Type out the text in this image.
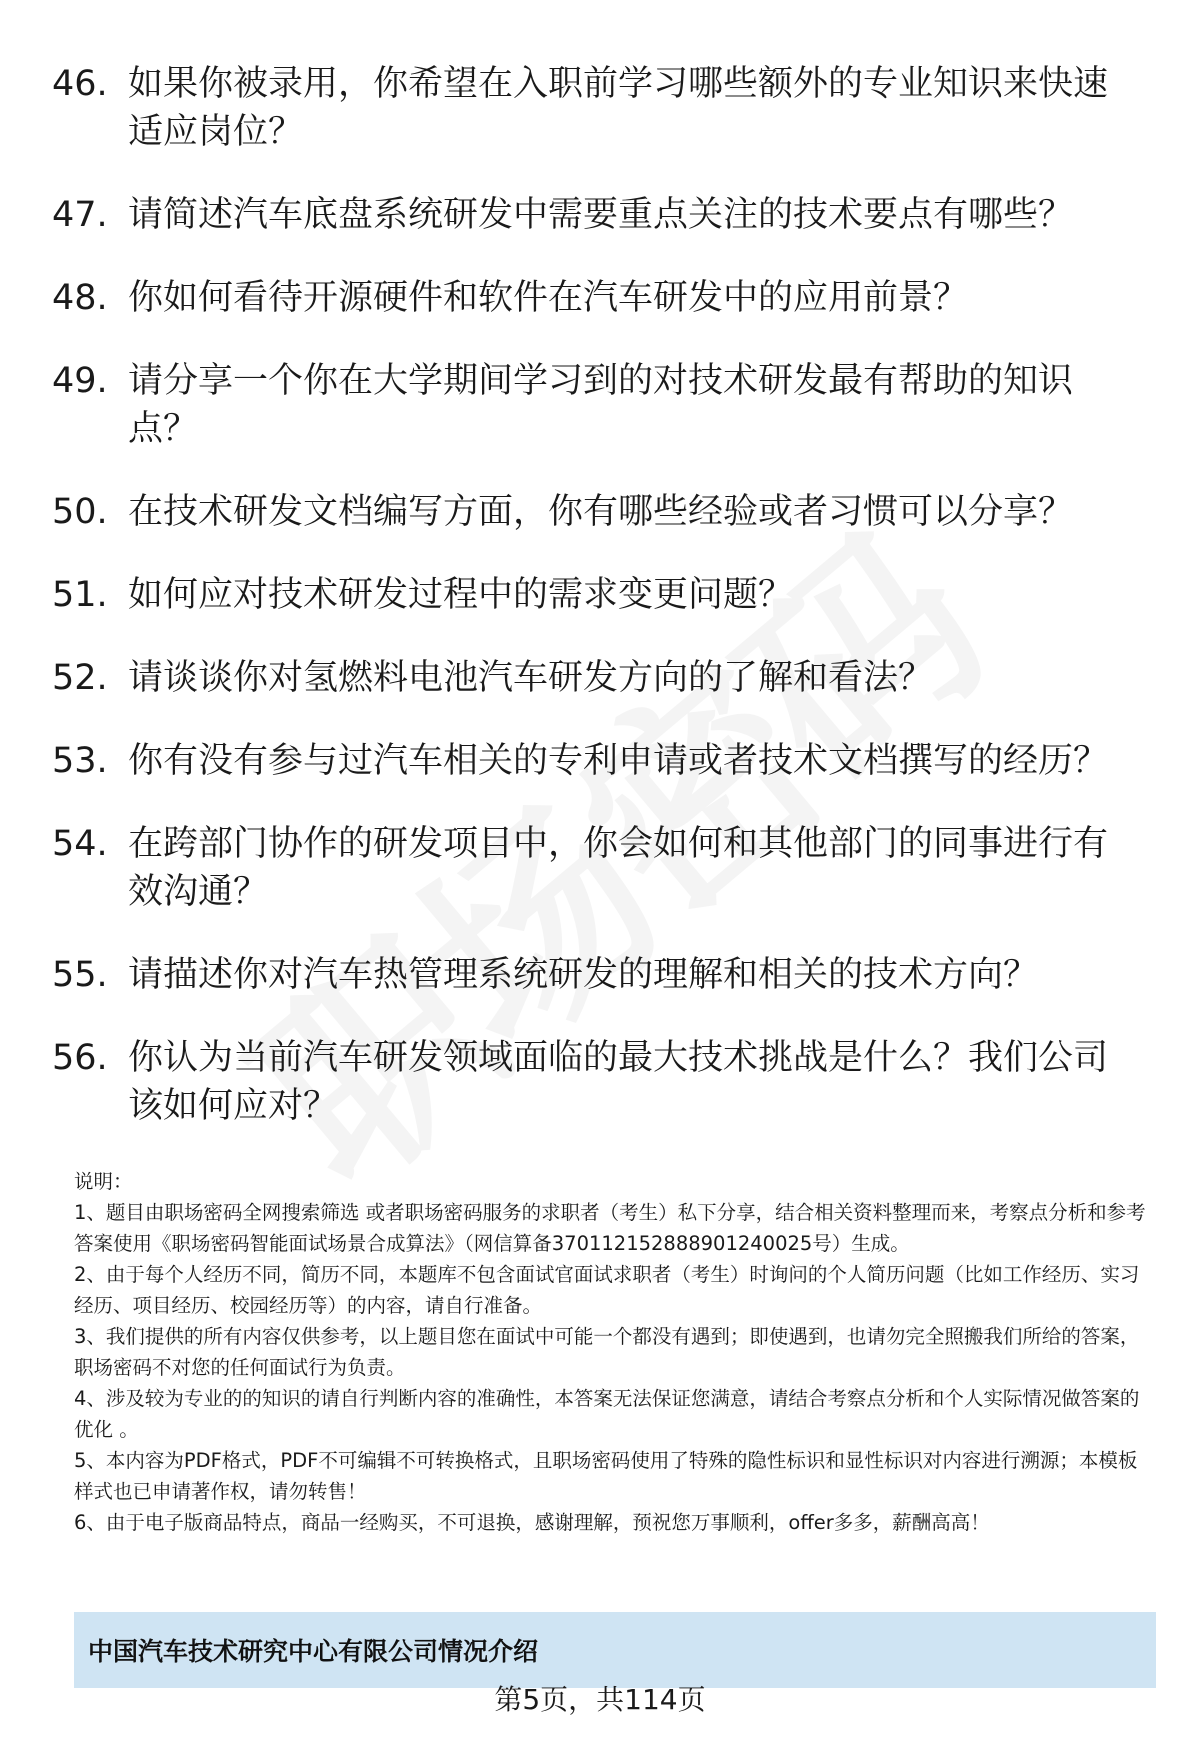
46. 如果你被录用，你希望在入职前学习哪些额外的专业知识来快速适应岗位？
47. 请简述汽车底盘系统研发中需要重点关注的技术要点有哪些？
48. 你如何看待开源硬件和软件在汽车研发中的应用前景？
49. 请分享一个你在大学期间学习到的对技术研发最有帮助的知识点？
50. 在技术研发文档编写方面，你有哪些经验或者习惯可以分享？
51. 如何应对技术研发过程中的需求变更问题？
52. 请谈谈你对氢燃料电池汽车研发方向的了解和看法？
53. 你有没有参与过汽车相关的专利申请或者技术文档撰写的经历？
54. 在跨部门协作的研发项目中，你会如何和其他部门的同事进行有效沟通？
55. 请描述你对汽车热管理系统研发的理解和相关的技术方向？
56. 你认为当前汽车研发领域面临的最大技术挑战是什么？我们公司该如何应对？

说明：

1、题目由职场密码全网搜索筛选 或者职场密码服务的求职者（考生）私下分享，结合相关资料整理而来，考察点分析和参考答案使用《职场密码智能面试场景合成算法》（网信算备370112152888901240025号）生成。

2、由于每个人经历不同，简历不同，本题库不包含面试官面试求职者（考生）时询问的个人简历问题（比如工作经历、实习经历、项目经历、校园经历等）的内容，请自行准备。

3、我们提供的所有内容仅供参考，以上题目您在面试中可能一个都没有遇到；即使遇到，也请勿完全照搬我们所给的答案，职场密码不对您的任何面试行为负责。

4、涉及较为专业的的知识的请自行判断内容的准确性，本答案无法保证您满意，请结合考察点分析和个人实际情况做答案的优化 。

5、本内容为PDF格式，PDF不可编辑不可转换格式，且职场密码使用了特殊的隐性标识和显性标识对内容进行溯源；本模板样式也已申请著作权，请勿转售！

6、由于电子版商品特点，商品一经购买，不可退换，感谢理解，预祝您万事顺利，offer多多，薪酬高高！

中国汽车技术研究中心有限公司情况介绍
第5页，共114页
